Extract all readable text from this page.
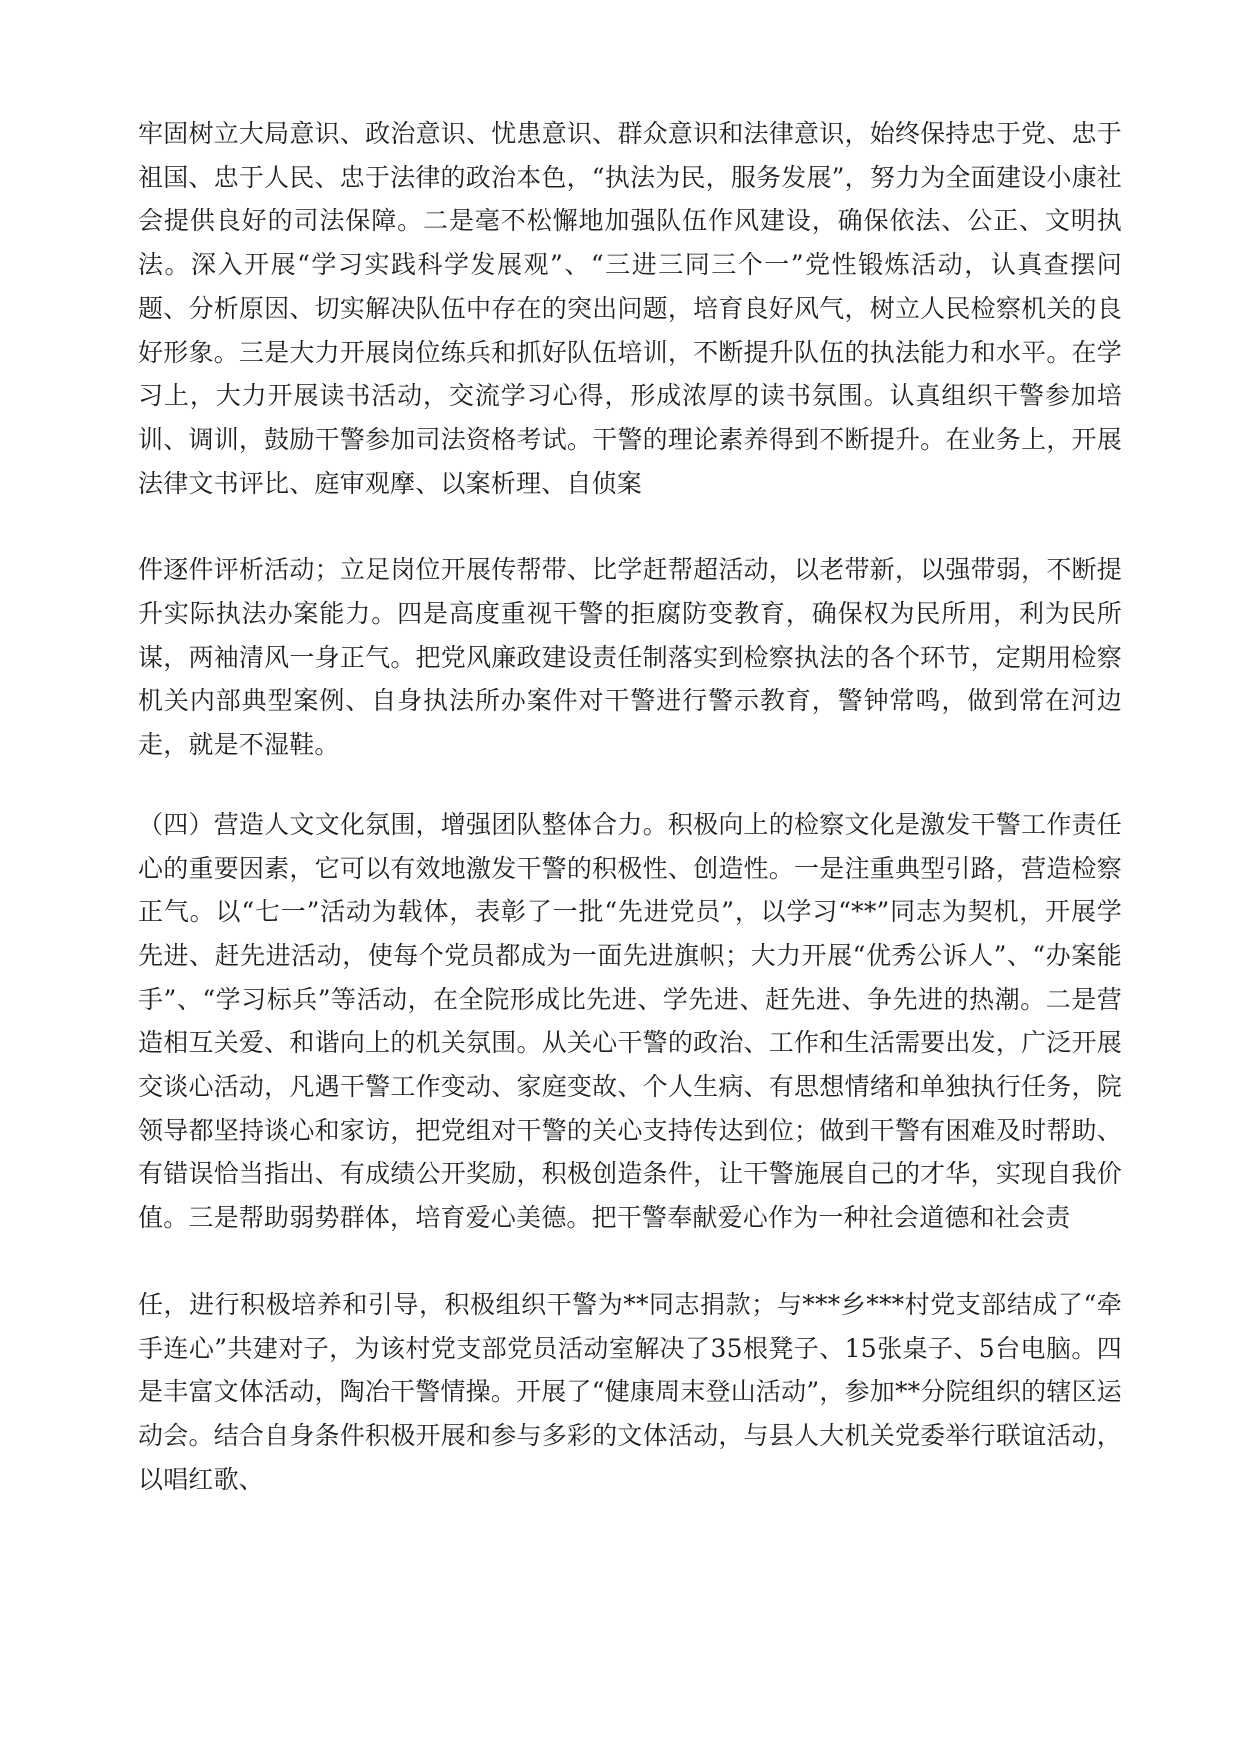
牢固树立大局意识、政治意识、忧患意识、群众意识和法律意识，始终保持忠于党、忠于祖国、忠于人民、忠于法律的政治本色，“执法为民，服务发展”，努力为全面建设小康社会提供良好的司法保障。二是毫不松懈地加强队伍作风建设，确保依法、公正、文明执法。深入开展“学习实践科学发展观”、“三进三同三个一”党性锻炼活动，认真查摆问题、分析原因、切实解决队伍中存在的突出问题，培育良好风气，树立人民检察机关的良好形象。三是大力开展岗位练兵和抓好队伍培训，不断提升队伍的执法能力和水平。在学习上，大力开展读书活动，交流学习心得，形成浓厚的读书氛围。认真组织干警参加培训、调训，鼓励干警参加司法资格考试。干警的理论素养得到不断提升。在业务上，开展法律文书评比、庭审观摩、以案析理、自侦案

件逐件评析活动；立足岗位开展传帮带、比学赶帮超活动，以老带新，以强带弱，不断提升实际执法办案能力。四是高度重视干警的拒腐防变教育，确保权为民所用，利为民所谋，两袖清风一身正气。把党风廉政建设责任制落实到检察执法的各个环节，定期用检察机关内部典型案例、自身执法所办案件对干警进行警示教育，警钟常鸣，做到常在河边走，就是不湿鞋。

（四）营造人文文化氛围，增强团队整体合力。积极向上的检察文化是激发干警工作责任心的重要因素，它可以有效地激发干警的积极性、创造性。一是注重典型引路，营造检察正气。以“七一”活动为载体，表彰了一批“先进党员”，以学习“**”同志为契机，开展学先进、赶先进活动，使每个党员都成为一面先进旗帜；大力开展“优秀公诉人”、“办案能手”、“学习标兵”等活动，在全院形成比先进、学先进、赶先进、争先进的热潮。二是营造相互关爱、和谐向上的机关氛围。从关心干警的政治、工作和生活需要出发，广泛开展交谈心活动，凡遇干警工作变动、家庭变故、个人生病、有思想情绪和单独执行任务，院领导都坚持谈心和家访，把党组对干警的关心支持传达到位；做到干警有困难及时帮助、有错误恰当指出、有成绩公开奖励，积极创造条件，让干警施展自己的才华，实现自我价值。三是帮助弱势群体，培育爱心美德。把干警奉献爱心作为一种社会道德和社会责

任，进行积极培养和引导，积极组织干警为**同志捐款；与***乡***村党支部结成了“牵手连心”共建对子，为该村党支部党员活动室解决了35根凳子、15张桌子、5台电脑。四是丰富文体活动，陶冶干警情操。开展了“健康周末登山活动”，参加**分院组织的辖区运动会。结合自身条件积极开展和参与多彩的文体活动，与县人大机关党委举行联谊活动，以唱红歌、
